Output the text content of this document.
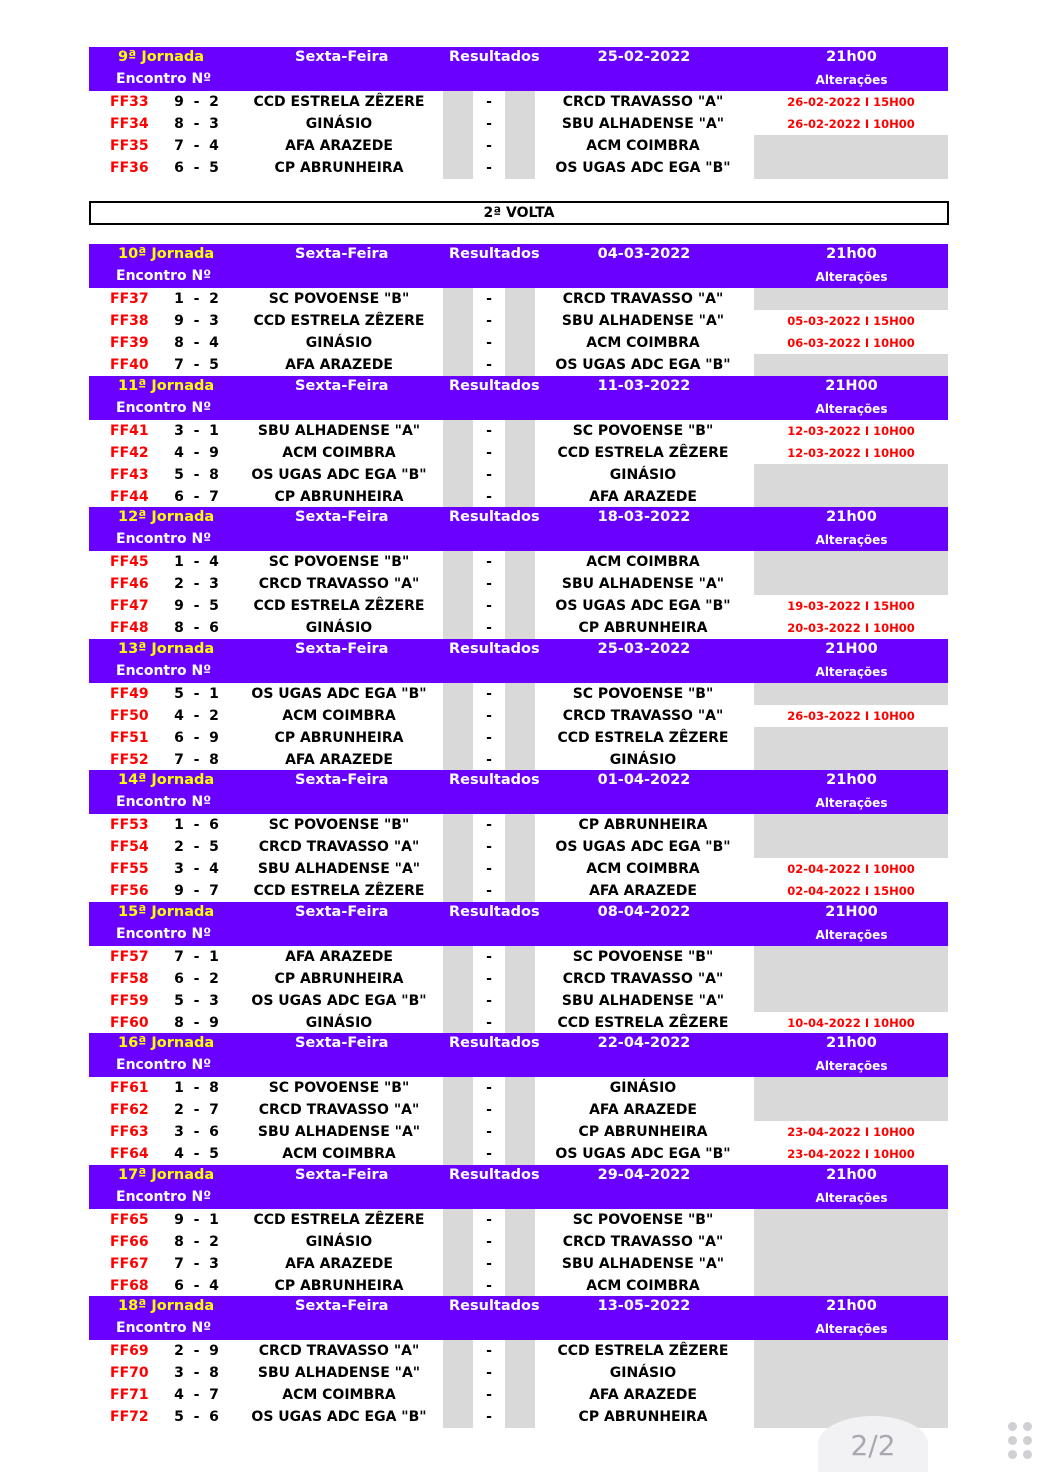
9ª Jornada	Sexta-Feira	Resultados	25-02-2022	21h00
Encontro Nº	Alterações
FF33	9 - 2	CCD ESTRELA ZÊZERE	-	CRCD TRAVASSO "A"	26-02-2022 I 15H00
FF34	8 - 3	GINÁSIO	-	SBU ALHADENSE "A"	26-02-2022 I 10H00
FF35	7 - 4	AFA ARAZEDE	-	ACM COIMBRA
FF36	6 - 5	CP ABRUNHEIRA	-	OS UGAS ADC EGA "B"
10ª Jornada	Sexta-Feira	Resultados	04-03-2022	21h00
Encontro Nº	Alterações
FF37	1 - 2	SC POVOENSE "B"	-	CRCD TRAVASSO "A"
FF38	9 - 3	CCD ESTRELA ZÊZERE	-	SBU ALHADENSE "A"	05-03-2022 I 15H00
FF39	8 - 4	GINÁSIO	-	ACM COIMBRA	06-03-2022 I 10H00
FF40	7 - 5	AFA ARAZEDE	-	OS UGAS ADC EGA "B"
11ª Jornada	Sexta-Feira	Resultados	11-03-2022	21H00
Encontro Nº	Alterações
FF41	3 - 1	SBU ALHADENSE "A"	-	SC POVOENSE "B"	12-03-2022 I 10H00
FF42	4 - 9	ACM COIMBRA	-	CCD ESTRELA ZÊZERE	12-03-2022 I 10H00
FF43	5 - 8	OS UGAS ADC EGA "B"	-	GINÁSIO
FF44	6 - 7	CP ABRUNHEIRA	-	AFA ARAZEDE
12ª Jornada	Sexta-Feira	Resultados	18-03-2022	21h00
Encontro Nº	Alterações
FF45	1 - 4	SC POVOENSE "B"	-	ACM COIMBRA
FF46	2 - 3	CRCD TRAVASSO "A"	-	SBU ALHADENSE "A"
FF47	9 - 5	CCD ESTRELA ZÊZERE	-	OS UGAS ADC EGA "B"	19-03-2022 I 15H00
FF48	8 - 6	GINÁSIO	-	CP ABRUNHEIRA	20-03-2022 I 10H00
13ª Jornada	Sexta-Feira	Resultados	25-03-2022	21H00
Encontro Nº	Alterações
FF49	5 - 1	OS UGAS ADC EGA "B"	-	SC POVOENSE "B"
FF50	4 - 2	ACM COIMBRA	-	CRCD TRAVASSO "A"	26-03-2022 I 10H00
FF51	6 - 9	CP ABRUNHEIRA	-	CCD ESTRELA ZÊZERE
FF52	7 - 8	AFA ARAZEDE	-	GINÁSIO
14ª Jornada	Sexta-Feira	Resultados	01-04-2022	21h00
Encontro Nº	Alterações
FF53	1 - 6	SC POVOENSE "B"	-	CP ABRUNHEIRA
FF54	2 - 5	CRCD TRAVASSO "A"	-	OS UGAS ADC EGA "B"
FF55	3 - 4	SBU ALHADENSE "A"	-	ACM COIMBRA	02-04-2022 I 10H00
FF56	9 - 7	CCD ESTRELA ZÊZERE	-	AFA ARAZEDE	02-04-2022 I 15H00
15ª Jornada	Sexta-Feira	Resultados	08-04-2022	21H00
Encontro Nº	Alterações
FF57	7 - 1	AFA ARAZEDE	-	SC POVOENSE "B"
FF58	6 - 2	CP ABRUNHEIRA	-	CRCD TRAVASSO "A"
FF59	5 - 3	OS UGAS ADC EGA "B"	-	SBU ALHADENSE "A"
FF60	8 - 9	GINÁSIO	-	CCD ESTRELA ZÊZERE	10-04-2022 I 10H00
16ª Jornada	Sexta-Feira	Resultados	22-04-2022	21h00
Encontro Nº	Alterações
FF61	1 - 8	SC POVOENSE "B"	-	GINÁSIO
FF62	2 - 7	CRCD TRAVASSO "A"	-	AFA ARAZEDE
FF63	3 - 6	SBU ALHADENSE "A"	-	CP ABRUNHEIRA	23-04-2022 I 10H00
FF64	4 - 5	ACM COIMBRA	-	OS UGAS ADC EGA "B"	23-04-2022 I 10H00
17ª Jornada	Sexta-Feira	Resultados	29-04-2022	21h00
Encontro Nº	Alterações
FF65	9 - 1	CCD ESTRELA ZÊZERE	-	SC POVOENSE "B"
FF66	8 - 2	GINÁSIO	-	CRCD TRAVASSO "A"
FF67	7 - 3	AFA ARAZEDE	-	SBU ALHADENSE "A"
FF68	6 - 4	CP ABRUNHEIRA	-	ACM COIMBRA
18ª Jornada	Sexta-Feira	Resultados	13-05-2022	21h00
Encontro Nº	Alterações
FF69	2 - 9	CRCD TRAVASSO "A"	-	CCD ESTRELA ZÊZERE
FF70	3 - 8	SBU ALHADENSE "A"	-	GINÁSIO
FF71	4 - 7	ACM COIMBRA	-	AFA ARAZEDE
FF72	5 - 6	OS UGAS ADC EGA "B"	-	CP ABRUNHEIRA
2ª VOLTA
2/2
